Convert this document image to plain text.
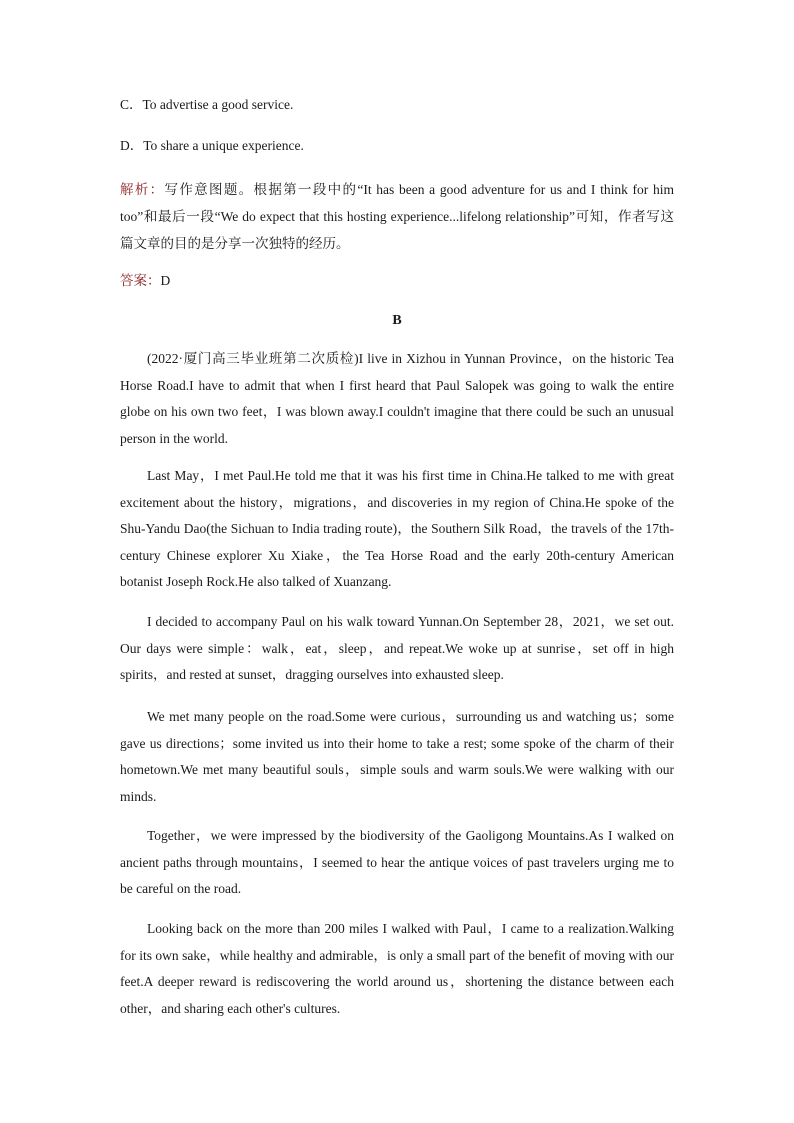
C．To advertise a good service.
D．To share a unique experience.
解析：写作意图题。根据第一段中的“It has been a good adventure for us and I think for him too”和最后一段“We do expect that this hosting experience...lifelong relationship”可知，作者写这篇文章的目的是分享一次独特的经历。
答案：D
B

(2022·厦门高三毕业班第二次质检)I live in Xizhou in Yunnan Province，on the historic Tea Horse Road.I have to admit that when I first heard that Paul Salopek was going to walk the entire globe on his own two feet，I was blown away.I couldn't imagine that there could be such an unusual person in the world.

Last May，I met Paul.He told me that it was his first time in China.He talked to me with great excitement about the history，migrations，and discoveries in my region of China.He spoke of the Shu-Yandu Dao(the Sichuan to India trading route)，the Southern Silk Road，the travels of the 17th-century Chinese explorer Xu Xiake，the Tea Horse Road and the early 20th-century American botanist Joseph Rock.He also talked of Xuanzang.

I decided to accompany Paul on his walk toward Yunnan.On September 28，2021，we set out. Our days were simple：walk，eat，sleep，and repeat.We woke up at sunrise，set off in high spirits，and rested at sunset，dragging ourselves into exhausted sleep.

We met many people on the road.Some were curious，surrounding us and watching us；some gave us directions；some invited us into their home to take a rest; some spoke of the charm of their hometown.We met many beautiful souls，simple souls and warm souls.We were walking with our minds.

Together，we were impressed by the biodiversity of the Gaoligong Mountains.As I walked on ancient paths through mountains，I seemed to hear the antique voices of past travelers urging me to be careful on the road.

Looking back on the more than 200 miles I walked with Paul，I came to a realization.Walking for its own sake，while healthy and admirable，is only a small part of the benefit of moving with our feet.A deeper reward is rediscovering the world around us，shortening the distance between each other，and sharing each other's cultures.
